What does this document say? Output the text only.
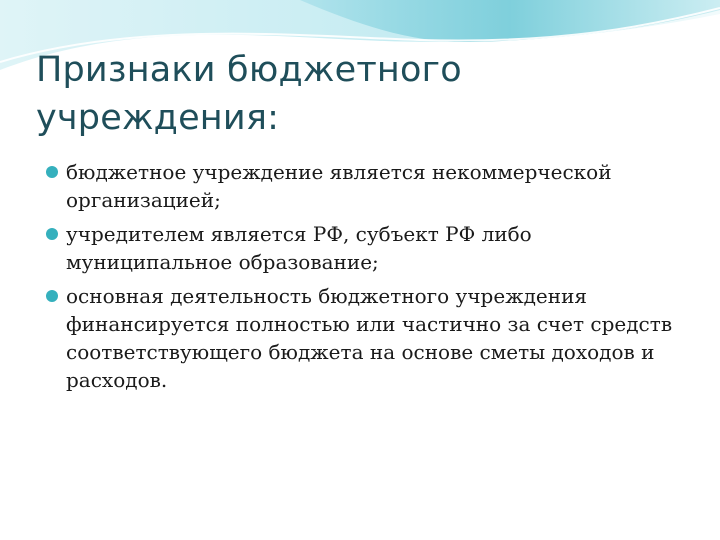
Признаки бюджетного учреждения:
бюджетное учреждение является некоммерческой организацией;
учредителем является РФ, субъект РФ либо муниципальное образование;
основная деятельность бюджетного учреждения финансируется полностью или частично за счет средств соответствующего бюджета на основе сметы доходов и расходов.
